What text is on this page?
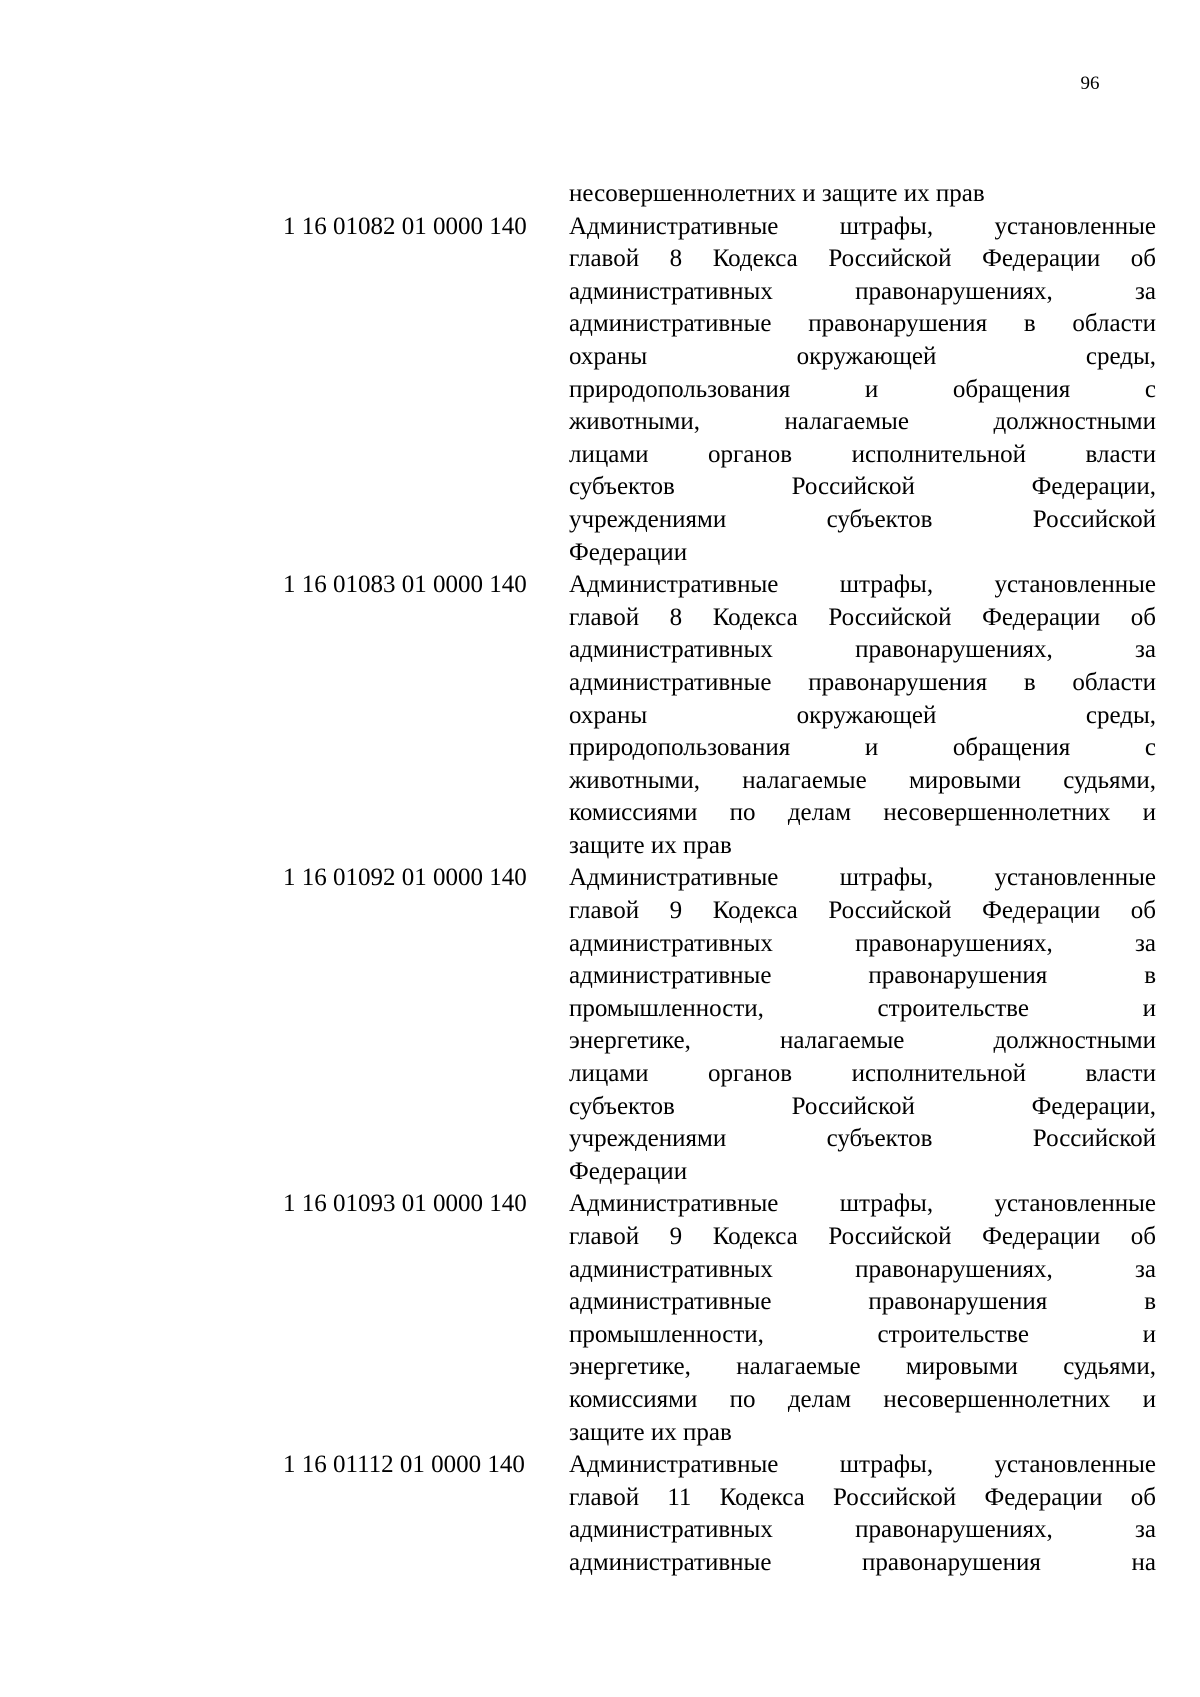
96
несовершеннолетних и защите их прав
1 16 01082 01 0000 140	Административные штрафы, установленные
главой 8 Кодекса Российской Федерации об
административных правонарушениях, за
административные правонарушения в области
охраны окружающей среды,
природопользования и обращения с
животными, налагаемые должностными
лицами органов исполнительной власти
субъектов Российской Федерации,
учреждениями субъектов Российской
Федерации
1 16 01083 01 0000 140	Административные штрафы, установленные
главой 8 Кодекса Российской Федерации об
административных правонарушениях, за
административные правонарушения в области
охраны окружающей среды,
природопользования и обращения с
животными, налагаемые мировыми судьями,
комиссиями по делам несовершеннолетних и
защите их прав
1 16 01092 01 0000 140	Административные штрафы, установленные
главой 9 Кодекса Российской Федерации об
административных правонарушениях, за
административные правонарушения в
промышленности, строительстве и
энергетике, налагаемые должностными
лицами органов исполнительной власти
субъектов Российской Федерации,
учреждениями субъектов Российской
Федерации
1 16 01093 01 0000 140	Административные штрафы, установленные
главой 9 Кодекса Российской Федерации об
административных правонарушениях, за
административные правонарушения в
промышленности, строительстве и
энергетике, налагаемые мировыми судьями,
комиссиями по делам несовершеннолетних и
защите их прав
1 16 01112 01 0000 140	Административные штрафы, установленные
главой 11 Кодекса Российской Федерации об
административных правонарушениях, за
административные правонарушения на
